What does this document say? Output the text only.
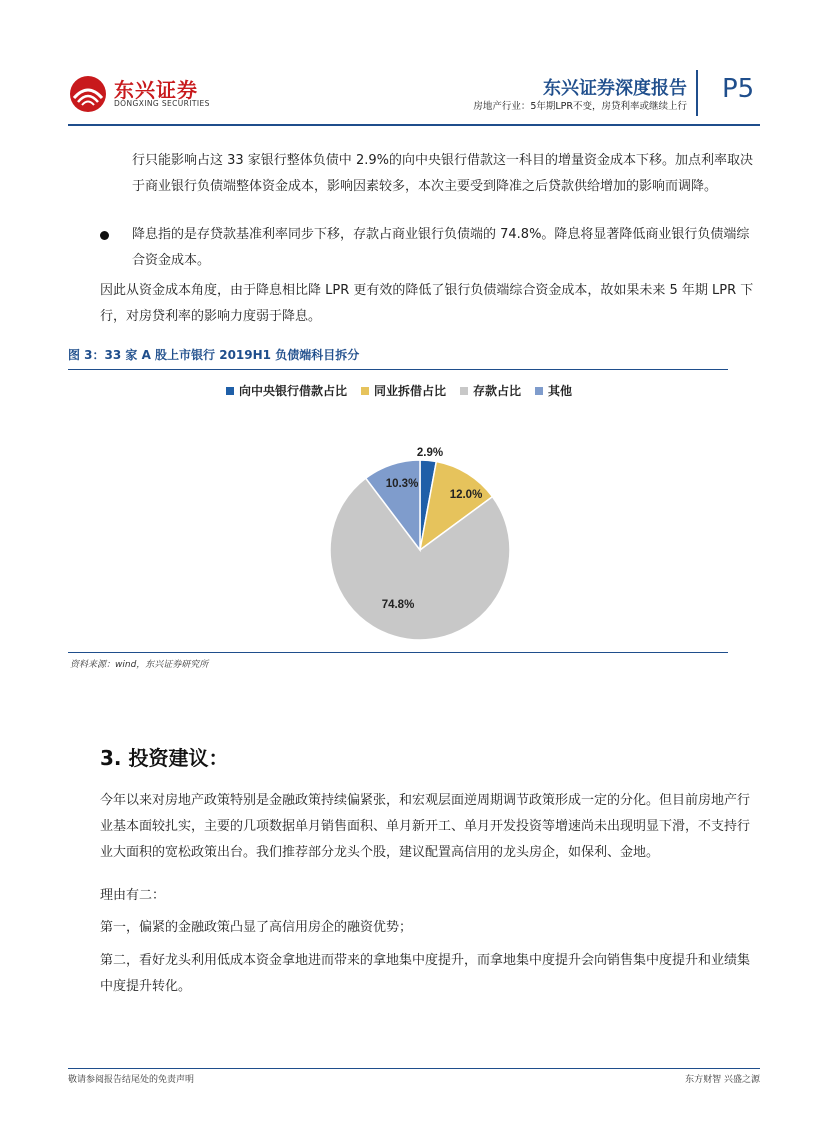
东兴证券
DONGXING SECURITIES
东兴证券深度报告
房地产行业：5年期LPR不变，房贷利率或继续上行
P5

行只能影响占这 33 家银行整体负债中 2.9%的向中央银行借款这一科目的增量资金成本下移。加点利率取决于商业银行负债端整体资金成本，影响因素较多，本次主要受到降准之后贷款供给增加的影响而调降。

降息指的是存贷款基准利率同步下移，存款占商业银行负债端的 74.8%。降息将显著降低商业银行负债端综合资金成本。

因此从资金成本角度，由于降息相比降 LPR 更有效的降低了银行负债端综合资金成本，故如果未来 5 年期 LPR 下行，对房贷利率的影响力度弱于降息。

图 3：33 家 A 股上市银行 2019H1 负债端科目拆分
向中央银行借款占比 同业拆借占比 存款占比 其他
2.9%
12.0%
74.8%
10.3%
资料来源：wind，东兴证券研究所
3. 投资建议：

今年以来对房地产政策特别是金融政策持续偏紧张，和宏观层面逆周期调节政策形成一定的分化。但目前房地产行业基本面较扎实，主要的几项数据单月销售面积、单月新开工、单月开发投资等增速尚未出现明显下滑，不支持行业大面积的宽松政策出台。我们推荐部分龙头个股，建议配置高信用的龙头房企，如保利、金地。

理由有二：

第一，偏紧的金融政策凸显了高信用房企的融资优势；

第二，看好龙头利用低成本资金拿地进而带来的拿地集中度提升，而拿地集中度提升会向销售集中度提升和业绩集中度提升转化。

敬请参阅报告结尾处的免责声明	东方财智 兴盛之源
